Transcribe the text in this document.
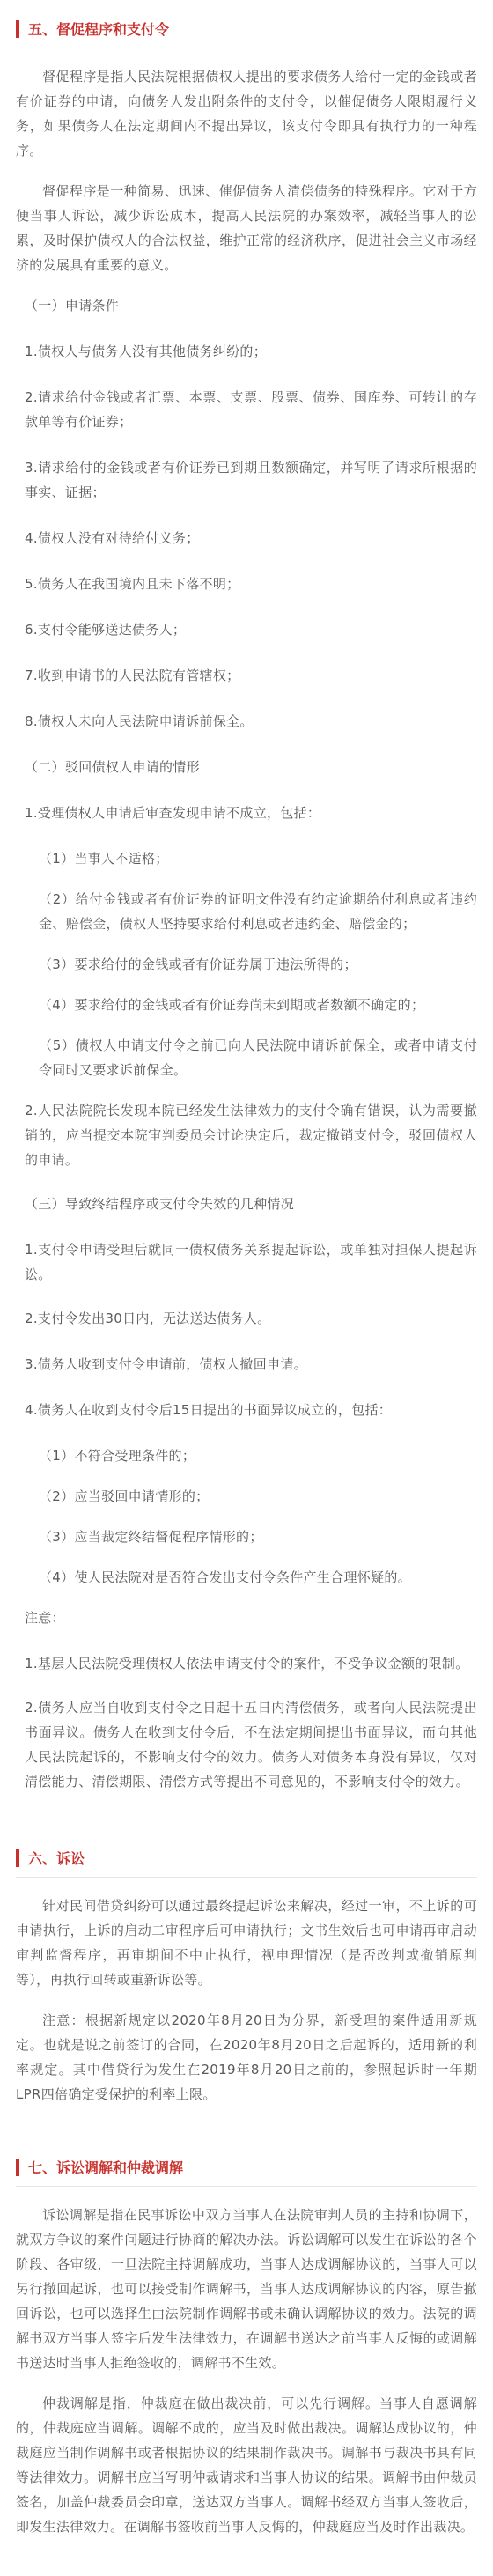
五、督促程序和支付令

督促程序是指人民法院根据债权人提出的要求债务人给付一定的金钱或者有价证券的申请，向债务人发出附条件的支付令，以催促债务人限期履行义务，如果债务人在法定期间内不提出异议，该支付令即具有执行力的一种程序。

督促程序是一种简易、迅速、催促债务人清偿债务的特殊程序。它对于方便当事人诉讼，减少诉讼成本，提高人民法院的办案效率，减轻当事人的讼累，及时保护债权人的合法权益，维护正常的经济秩序，促进社会主义市场经济的发展具有重要的意义。

（一）申请条件

1.债权人与债务人没有其他债务纠纷的；

2.请求给付金钱或者汇票、本票、支票、股票、债券、国库券、可转让的存款单等有价证券；

3.请求给付的金钱或者有价证券已到期且数额确定，并写明了请求所根据的事实、证据；

4.债权人没有对待给付义务；

5.债务人在我国境内且未下落不明；

6.支付令能够送达债务人；

7.收到申请书的人民法院有管辖权；

8.债权人未向人民法院申请诉前保全。

（二）驳回债权人申请的情形

1.受理债权人申请后审查发现申请不成立，包括：

（1）当事人不适格；

（2）给付金钱或者有价证券的证明文件没有约定逾期给付利息或者违约金、赔偿金，债权人坚持要求给付利息或者违约金、赔偿金的；

（3）要求给付的金钱或者有价证券属于违法所得的；

（4）要求给付的金钱或者有价证券尚未到期或者数额不确定的；

（5）债权人申请支付令之前已向人民法院申请诉前保全，或者申请支付令同时又要求诉前保全。

2.人民法院院长发现本院已经发生法律效力的支付令确有错误，认为需要撤销的，应当提交本院审判委员会讨论决定后，裁定撤销支付令，驳回债权人的申请。

（三）导致终结程序或支付令失效的几种情况

1.支付令申请受理后就同一债权债务关系提起诉讼，或单独对担保人提起诉讼。

2.支付令发出30日内，无法送达债务人。

3.债务人收到支付令申请前，债权人撤回申请。

4.债务人在收到支付令后15日提出的书面异议成立的，包括：

（1）不符合受理条件的；

（2）应当驳回申请情形的；

（3）应当裁定终结督促程序情形的；

（4）使人民法院对是否符合发出支付令条件产生合理怀疑的。

注意：

1.基层人民法院受理债权人依法申请支付令的案件，不受争议金额的限制。

2.债务人应当自收到支付令之日起十五日内清偿债务，或者向人民法院提出书面异议。债务人在收到支付令后，不在法定期间提出书面异议，而向其他人民法院起诉的，不影响支付令的效力。债务人对债务本身没有异议，仅对清偿能力、清偿期限、清偿方式等提出不同意见的，不影响支付令的效力。

六、诉讼

针对民间借贷纠纷可以通过最终提起诉讼来解决，经过一审，不上诉的可申请执行，上诉的启动二审程序后可申请执行；文书生效后也可申请再审启动审判监督程序，再审期间不中止执行，视申理情况（是否改判或撤销原判等），再执行回转或重新诉讼等。

注意：根据新规定以2020年8月20日为分界，新受理的案件适用新规定。也就是说之前签订的合同，在2020年8月20日之后起诉的，适用新的利率规定。其中借贷行为发生在2019年8月20日之前的，参照起诉时一年期LPR四倍确定受保护的利率上限。

七、诉讼调解和仲裁调解

诉讼调解是指在民事诉讼中双方当事人在法院审判人员的主持和协调下，就双方争议的案件问题进行协商的解决办法。诉讼调解可以发生在诉讼的各个阶段、各审级，一旦法院主持调解成功，当事人达成调解协议的，当事人可以另行撤回起诉，也可以接受制作调解书，当事人达成调解协议的内容，原告撤回诉讼，也可以选择生由法院制作调解书或未确认调解协议的效力。法院的调解书双方当事人签字后发生法律效力，在调解书送达之前当事人反悔的或调解书送达时当事人拒绝签收的，调解书不生效。

仲裁调解是指，仲裁庭在做出裁决前，可以先行调解。当事人自愿调解的，仲裁庭应当调解。调解不成的，应当及时做出裁决。调解达成协议的，仲裁庭应当制作调解书或者根据协议的结果制作裁决书。调解书与裁决书具有同等法律效力。调解书应当写明仲裁请求和当事人协议的结果。调解书由仲裁员签名，加盖仲裁委员会印章，送达双方当事人。调解书经双方当事人签收后，即发生法律效力。在调解书签收前当事人反悔的，仲裁庭应当及时作出裁决。
